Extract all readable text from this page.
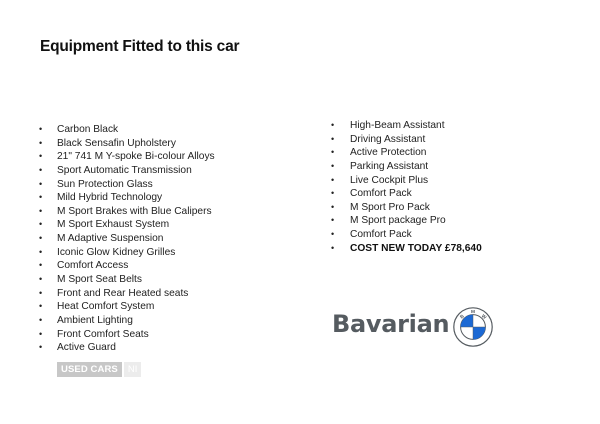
Equipment Fitted to this car
• Carbon Black
• Black Sensafin Upholstery
• 21" 741 M Y-spoke Bi-colour Alloys
• Sport Automatic Transmission
• Sun Protection Glass
• Mild Hybrid Technology
• M Sport Brakes with Blue Calipers
• M Sport Exhaust System
• M Adaptive Suspension
• Iconic Glow Kidney Grilles
• Comfort Access
• M Sport Seat Belts
• Front and Rear Heated seats
• Heat Comfort System
• Ambient Lighting
• Front Comfort Seats
• Active Guard
• High-Beam Assistant
• Driving Assistant
• Active Protection
• Parking Assistant
• Live Cockpit Plus
• Comfort Pack
• M Sport Pro Pack
• M Sport package Pro
• Comfort Pack
• COST NEW TODAY £78,640
USED CARS	NI
Bavarian B
M
W
